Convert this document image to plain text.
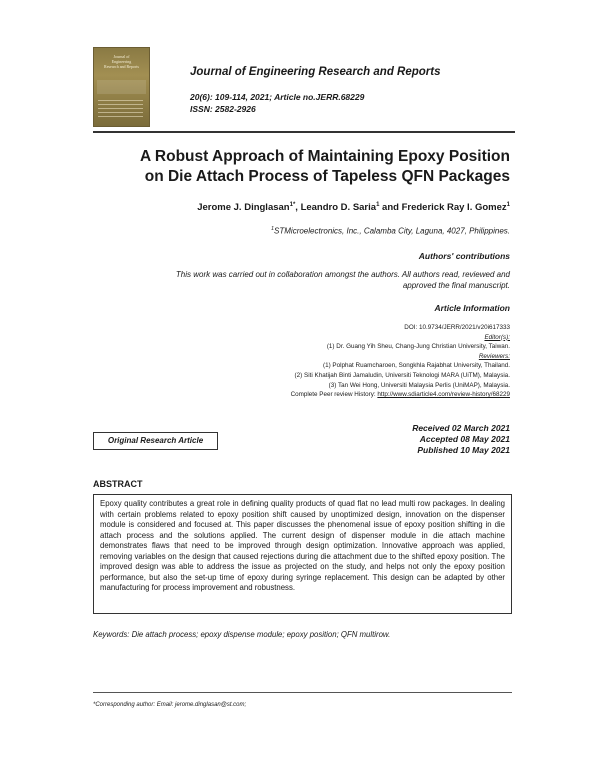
Journal of
Engineering
Research and Reports	Journal of Engineering Research and Reports
20(6): 109-114, 2021; Article no.JERR.68229
ISSN: 2582-2926
A Robust Approach of Maintaining Epoxy Position
on Die Attach Process of Tapeless QFN Packages
Jerome J. Dinglasan$^{1*}$, Leandro D. Saria$^1$ and Frederick Ray I. Gomez$^1$
$^1$STMicroelectronics, Inc., Calamba City, Laguna, 4027, Philippines.
Authors' contributions
This work was carried out in collaboration amongst the authors. All authors read, reviewed and
approved the final manuscript.
Article Information
DOI: 10.9734/JERR/2021/v20i617333
Editor(s):
(1) Dr. Guang Yih Sheu, Chang-Jung Christian University, Taiwan.
Reviewers:
(1) Polphat Ruamcharoen, Songkhla Rajabhat University, Thailand.
(2) Siti Khatijah Binti Jamaludin, Universiti Teknologi MARA (UiTM), Malaysia.
(3) Tan Wei Hong, Universiti Malaysia Perlis (UniMAP), Malaysia.
Complete Peer review History: http://www.sdiarticle4.com/review-history/68229
Original Research Article
Received 02 March 2021
Accepted 08 May 2021
Published 10 May 2021
ABSTRACT
Epoxy quality contributes a great role in defining quality products of quad flat no lead multi row packages. In dealing with certain problems related to epoxy position shift caused by unoptimized design, innovation on the dispenser module is considered and focused at. This paper discusses the phenomenal issue of epoxy position shifting in die attach process and the solutions applied. The current design of dispenser module in die attach machine demonstrates flaws that need to be improved through design optimization. Innovative approach was applied, removing variables on the design that caused rejections during die attachment due to the shifted epoxy position. The improved design was able to address the issue as projected on the study, and helps not only the epoxy position performance, but also the set-up time of epoxy during syringe replacement. This design can be adapted by other manufacturing for process improvement and robustness.
Keywords: Die attach process; epoxy dispense module; epoxy position; QFN multirow.
*Corresponding author: Email: jerome.dinglasan@st.com;
